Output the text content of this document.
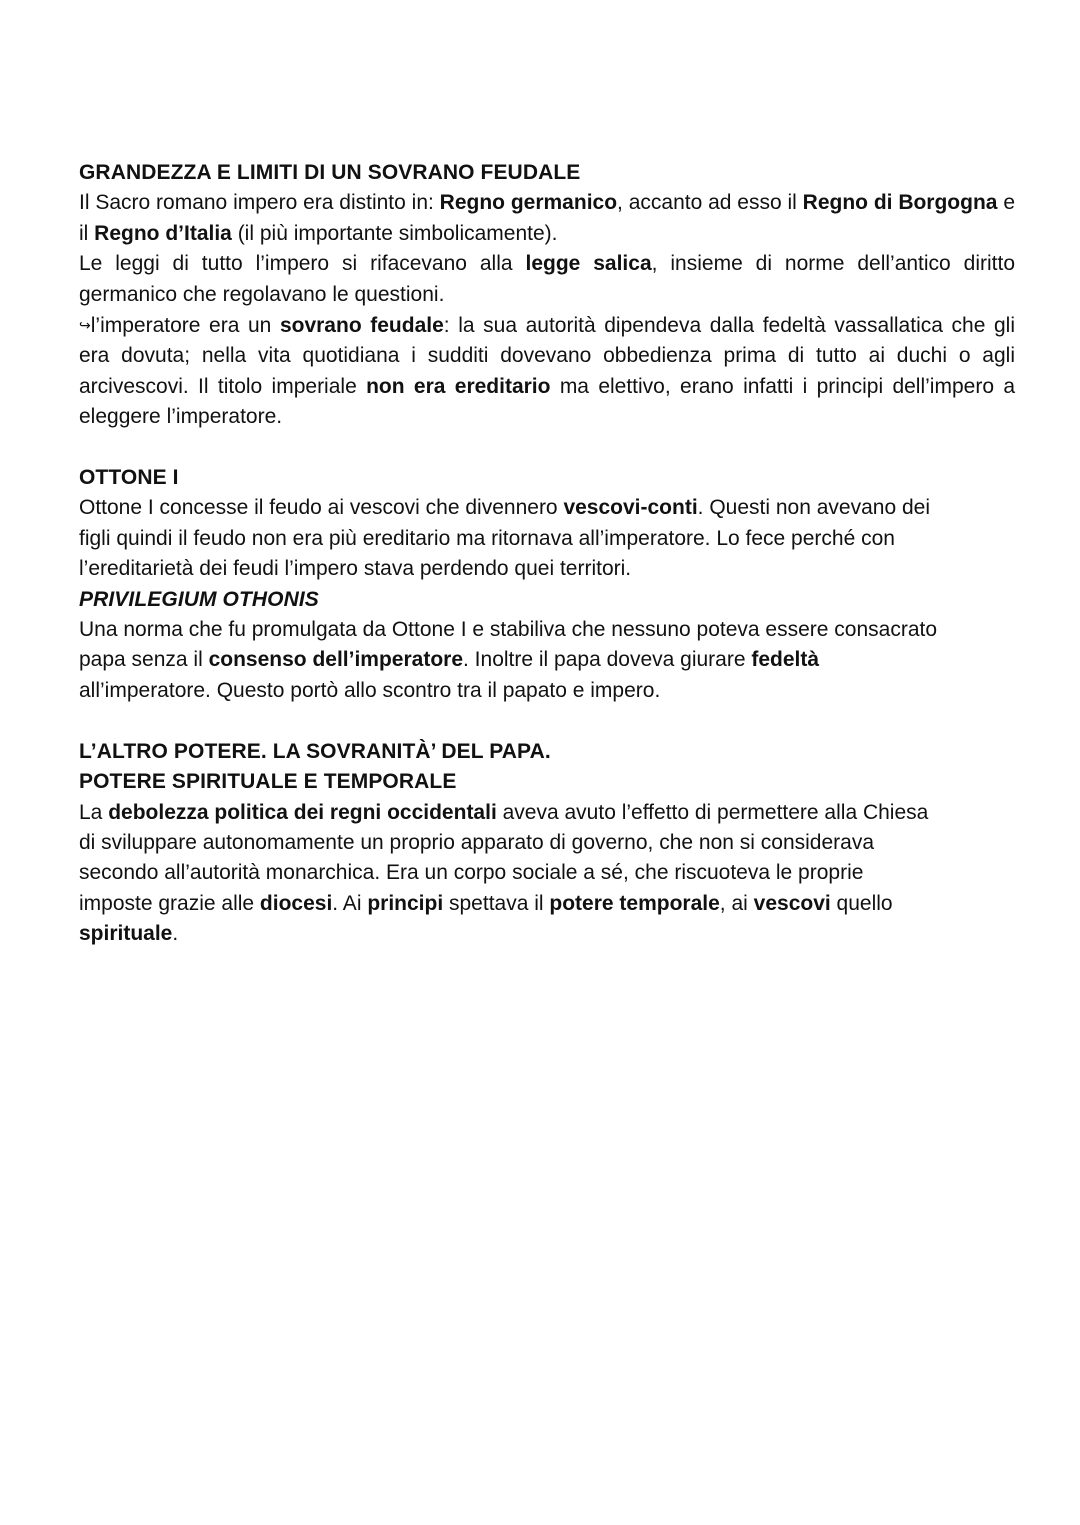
GRANDEZZA E LIMITI DI UN SOVRANO FEUDALE

Il Sacro romano impero era distinto in: Regno germanico, accanto ad esso il Regno di Borgogna e il Regno d’Italia (il più importante simbolicamente).

Le leggi di tutto l’impero si rifacevano alla legge salica, insieme di norme dell’antico diritto germanico che regolavano le questioni.

↪l’imperatore era un sovrano feudale: la sua autorità dipendeva dalla fedeltà vassallatica che gli era dovuta; nella vita quotidiana i sudditi dovevano obbedienza prima di tutto ai duchi o agli arcivescovi. Il titolo imperiale non era ereditario ma elettivo, erano infatti i principi dell’impero a eleggere l’imperatore.

OTTONE I

Ottone I concesse il feudo ai vescovi che divennero vescovi-conti. Questi non avevano dei figli quindi il feudo non era più ereditario ma ritornava all’imperatore. Lo fece perché con l’ereditarietà dei feudi l’impero stava perdendo quei territori.

PRIVILEGIUM OTHONIS

Una norma che fu promulgata da Ottone I e stabiliva che nessuno poteva essere consacrato papa senza il consenso dell’imperatore. Inoltre il papa doveva giurare fedeltà all’imperatore. Questo portò allo scontro tra il papato e impero.

L’ALTRO POTERE. LA SOVRANITÀ’ DEL PAPA.
POTERE SPIRITUALE E TEMPORALE

La debolezza politica dei regni occidentali aveva avuto l’effetto di permettere alla Chiesa di sviluppare autonomamente un proprio apparato di governo, che non si considerava secondo all’autorità monarchica. Era un corpo sociale a sé, che riscuoteva le proprie imposte grazie alle diocesi. Ai principi spettava il potere temporale, ai vescovi quello spirituale.
